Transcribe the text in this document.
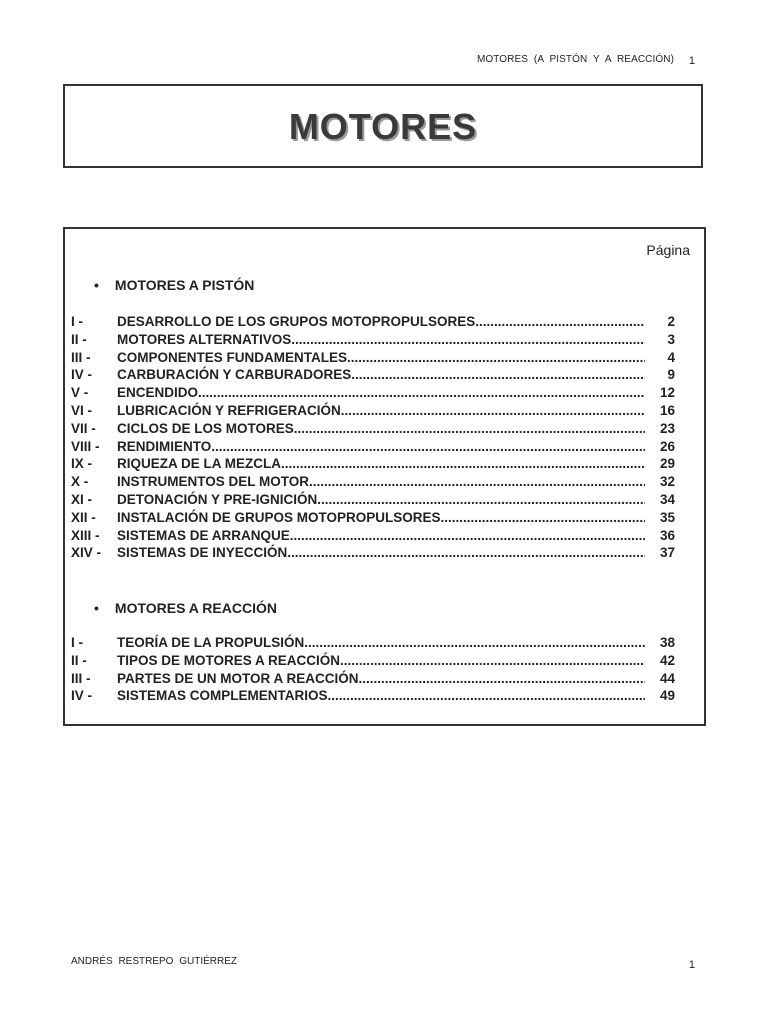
MOTORES (A PISTÓN Y A REACCIÓN) 1
MOTORES
Página
• MOTORES A PISTÓN
I -	DESARROLLO DE LOS GRUPOS MOTOPROPULSORES .....	2
II -	MOTORES ALTERNATIVOS .....	3
III -	COMPONENTES FUNDAMENTALES .....	4
IV -	CARBURACIÓN Y CARBURADORES .....	9
V -	ENCENDIDO .....	12
VI -	LUBRICACIÓN Y REFRIGERACIÓN .....	16
VII -	CICLOS DE LOS MOTORES .....	23
VIII -	RENDIMIENTO .....	26
IX -	RIQUEZA DE LA MEZCLA .....	29
X -	INSTRUMENTOS DEL MOTOR .....	32
XI -	DETONACIÓN Y PRE-IGNICIÓN .....	34
XII -	INSTALACIÓN DE GRUPOS MOTOPROPULSORES .....	35
XIII -	SISTEMAS DE ARRANQUE .....	36
XIV -	SISTEMAS DE INYECCIÓN .....	37
• MOTORES A REACCIÓN
I -	TEORÍA DE LA PROPULSIÓN .....	38
II -	TIPOS DE MOTORES A REACCIÓN .....	42
III -	PARTES DE UN MOTOR A REACCIÓN .....	44
IV -	SISTEMAS COMPLEMENTARIOS .....	49
ANDRÉS RESTREPO GUTIÉRREZ	1
